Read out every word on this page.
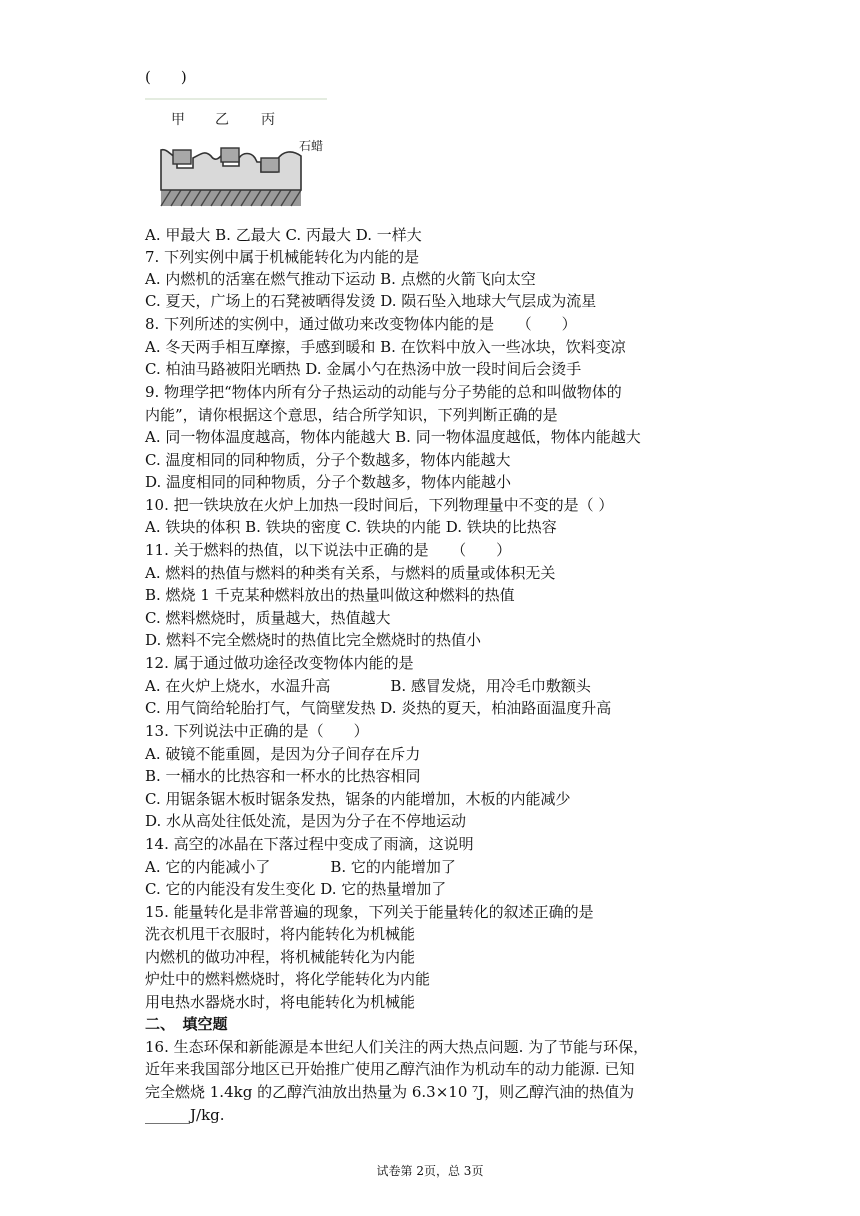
(　　)
甲 乙 丙
石蜡
A. 甲最大 B. 乙最大 C. 丙最大 D. 一样大
7. 下列实例中属于机械能转化为内能的是
A. 内燃机的活塞在燃气推动下运动 B. 点燃的火箭飞向太空
C. 夏天，广场上的石凳被晒得发烫 D. 陨石坠入地球大气层成为流星
8. 下列所述的实例中，通过做功来改变物体内能的是　　（　　）
A. 冬天两手相互摩擦，手感到暖和 B. 在饮料中放入一些冰块，饮料变凉
C. 柏油马路被阳光晒热 D. 金属小勺在热汤中放一段时间后会烫手
9. 物理学把“物体内所有分子热运动的动能与分子势能的总和叫做物体的
内能”，请你根据这个意思，结合所学知识，下列判断正确的是
A. 同一物体温度越高，物体内能越大 B. 同一物体温度越低，物体内能越大
C. 温度相同的同种物质，分子个数越多，物体内能越大
D. 温度相同的同种物质，分子个数越多，物体内能越小
10. 把一铁块放在火炉上加热一段时间后，下列物理量中不变的是（ ）
A. 铁块的体积 B. 铁块的密度 C. 铁块的内能 D. 铁块的比热容
11. 关于燃料的热值，以下说法中正确的是　　（　　）
A. 燃料的热值与燃料的种类有关系，与燃料的质量或体积无关
B. 燃烧 1 千克某种燃料放出的热量叫做这种燃料的热值
C. 燃料燃烧时，质量越大，热值越大
D. 燃料不完全燃烧时的热值比完全燃烧时的热值小
12. 属于通过做功途径改变物体内能的是
A. 在火炉上烧水，水温升高　　　　B. 感冒发烧，用冷毛巾敷额头
C. 用气筒给轮胎打气，气筒壁发热 D. 炎热的夏天，柏油路面温度升高
13. 下列说法中正确的是（　　）
A. 破镜不能重圆，是因为分子间存在斥力
B. 一桶水的比热容和一杯水的比热容相同
C. 用锯条锯木板时锯条发热，锯条的内能增加，木板的内能减少
D. 水从高处往低处流，是因为分子在不停地运动
14. 高空的冰晶在下落过程中变成了雨滴，这说明
A. 它的内能减小了　　　　B. 它的内能增加了
C. 它的内能没有发生变化 D. 它的热量增加了
15. 能量转化是非常普遍的现象，下列关于能量转化的叙述正确的是
洗衣机甩干衣服时，将内能转化为机械能
内燃机的做功冲程，将机械能转化为内能
炉灶中的燃料燃烧时，将化学能转化为内能
用电热水器烧水时，将电能转化为机械能
二、　填空题
16. 生态环保和新能源是本世纪人们关注的两大热点问题. 为了节能与环保，
近年来我国部分地区已开始推广使用乙醇汽油作为机动车的动力能源. 已知
完全燃烧 1.4kg 的乙醇汽油放出热量为 6.3×10 ⁷J，则乙醇汽油的热值为
______J/kg.
试卷第 2页，总 3页
